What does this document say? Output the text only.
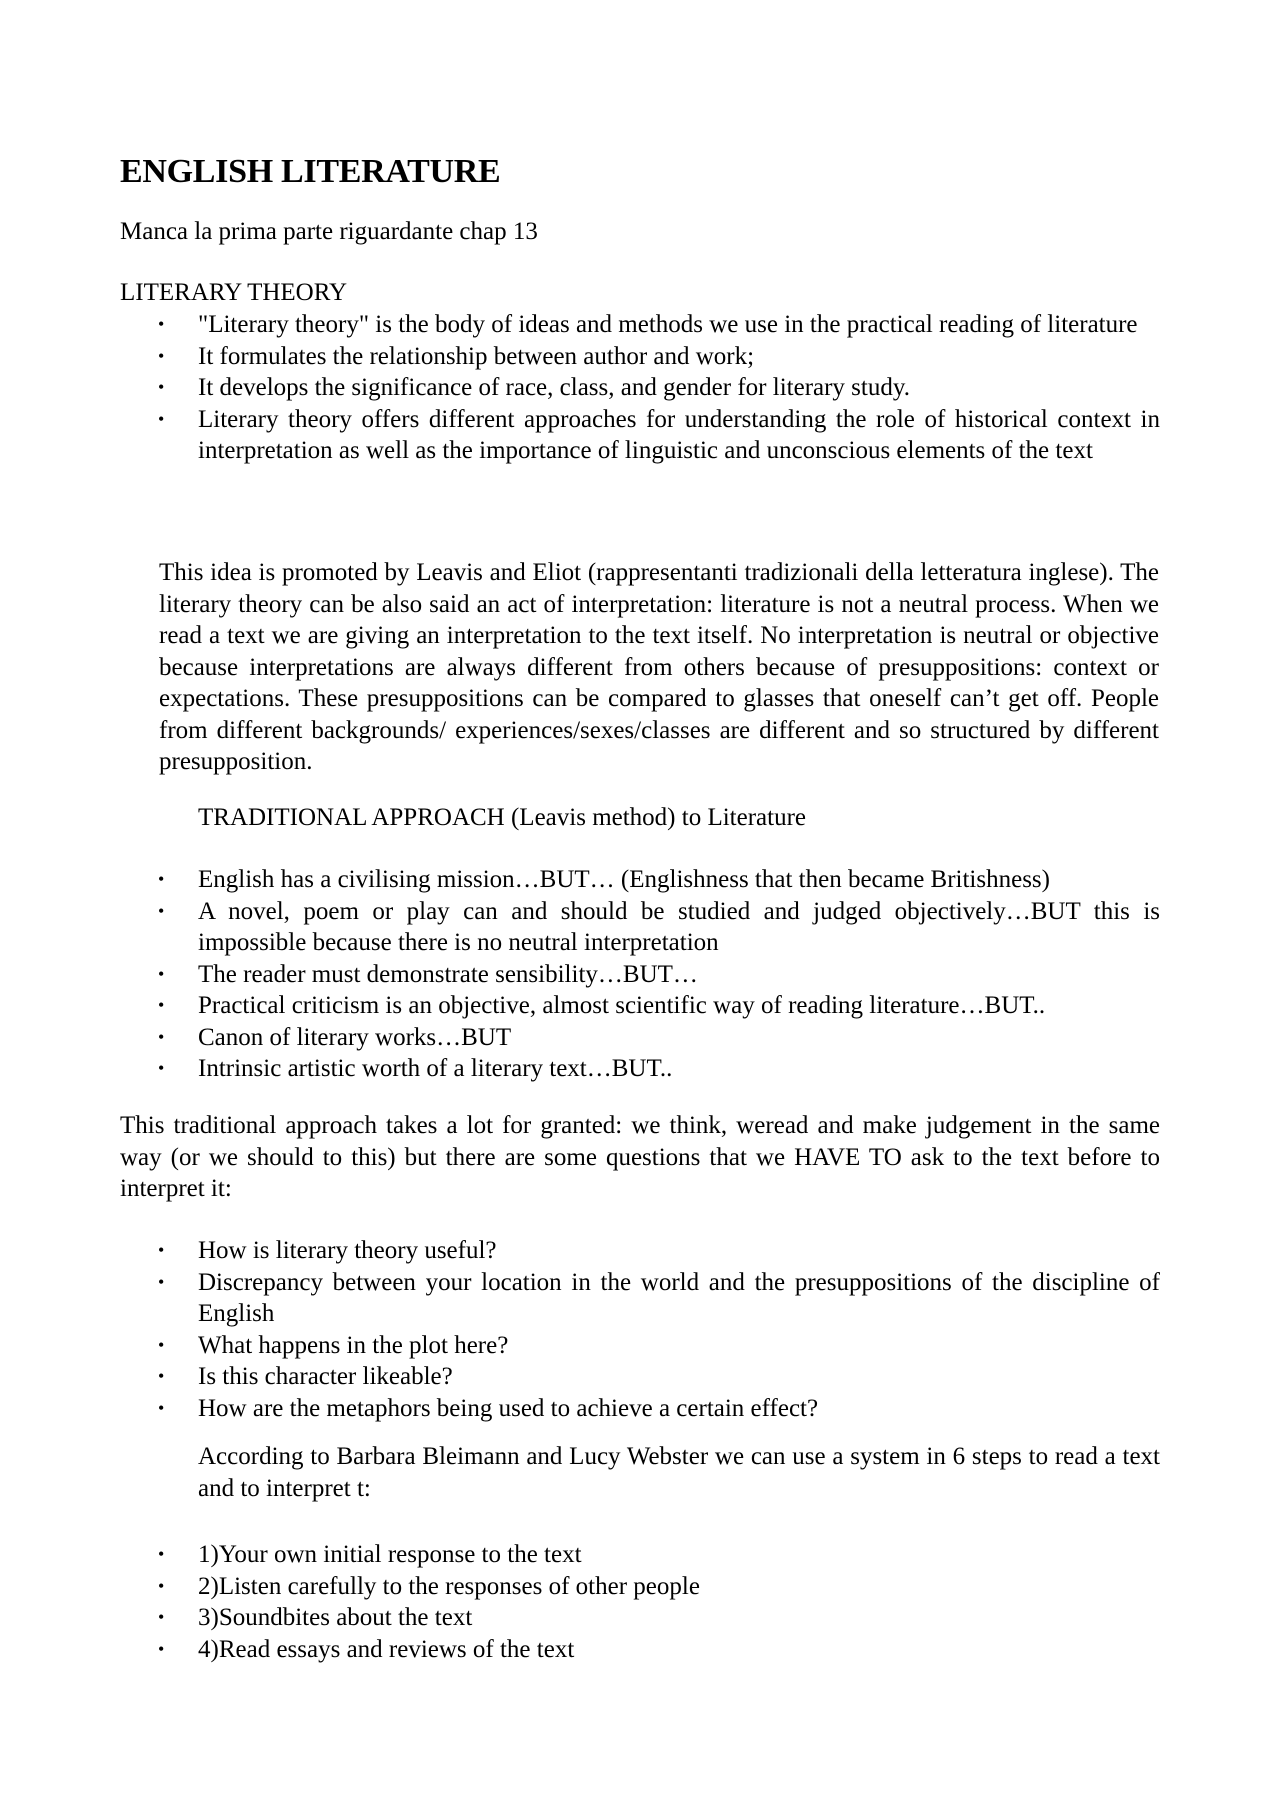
ENGLISH LITERATURE

Manca la prima parte riguardante chap 13

LITERARY THEORY

• "Literary theory" is the body of ideas and methods we use in the practical reading of literature
• It formulates the relationship between author and work;
• It develops the significance of race, class, and gender for literary study.
• Literary theory offers different approaches for understanding the role of historical context in interpretation as well as the importance of linguistic and unconscious elements of the text

This idea is promoted by Leavis and Eliot (rappresentanti tradizionali della letteratura inglese). The literary theory can be also said an act of interpretation: literature is not a neutral process. When we read a text we are giving an interpretation to the text itself. No interpretation is neutral or objective because interpretations are always different from others because of presuppositions: context or expectations. These presuppositions can be compared to glasses that oneself can’t get off. People from different backgrounds/ experiences/sexes/classes are different and so structured by different presupposition.

TRADITIONAL APPROACH (Leavis method) to Literature

• English has a civilising mission…BUT… (Englishness that then became Britishness)
• A novel, poem or play can and should be studied and judged objectively…BUT this is impossible because there is no neutral interpretation
• The reader must demonstrate sensibility…BUT…
• Practical criticism is an objective, almost scientific way of reading literature…BUT..
• Canon of literary works…BUT
• Intrinsic artistic worth of a literary text…BUT..

This traditional approach takes a lot for granted: we think, weread and make judgement in the same way (or we should to this) but there are some questions that we HAVE TO ask to the text before to interpret it:

• How is literary theory useful?
• Discrepancy between your location in the world and the presuppositions of the discipline of English
• What happens in the plot here?
• Is this character likeable?
• How are the metaphors being used to achieve a certain effect?

According to Barbara Bleimann and Lucy Webster we can use a system in 6 steps to read a text and to interpret t:

• 1)Your own initial response to the text
• 2)Listen carefully to the responses of other people
• 3)Soundbites about the text
• 4)Read essays and reviews of the text
